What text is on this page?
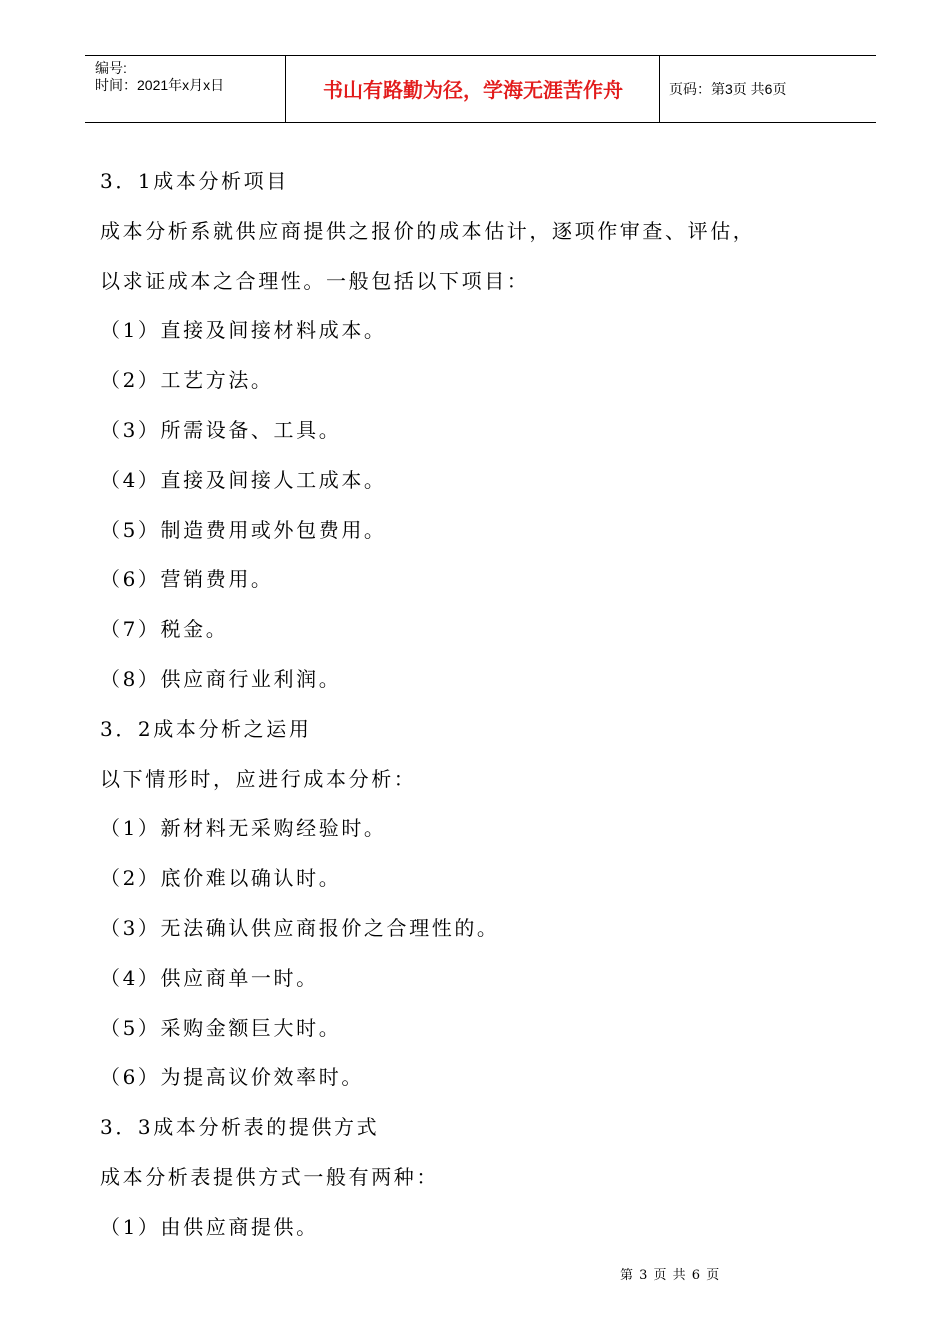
编号:
时间：2021年x月x日	书山有路勤为径，学海无涯苦作舟	页码：第3页 共6页
3．1成本分析项目
成本分析系就供应商提供之报价的成本估计，逐项作审查、评估，
以求证成本之合理性。一般包括以下项目：
（1）直接及间接材料成本。
（2）工艺方法。
（3）所需设备、工具。
（4）直接及间接人工成本。
（5）制造费用或外包费用。
（6）营销费用。
（7）税金。
（8）供应商行业利润。
3．2成本分析之运用
以下情形时，应进行成本分析：
（1）新材料无采购经验时。
（2）底价难以确认时。
（3）无法确认供应商报价之合理性的。
（4）供应商单一时。
（5）采购金额巨大时。
（6）为提高议价效率时。
3．3成本分析表的提供方式
成本分析表提供方式一般有两种：
（1）由供应商提供。
第 3 页 共 6 页
